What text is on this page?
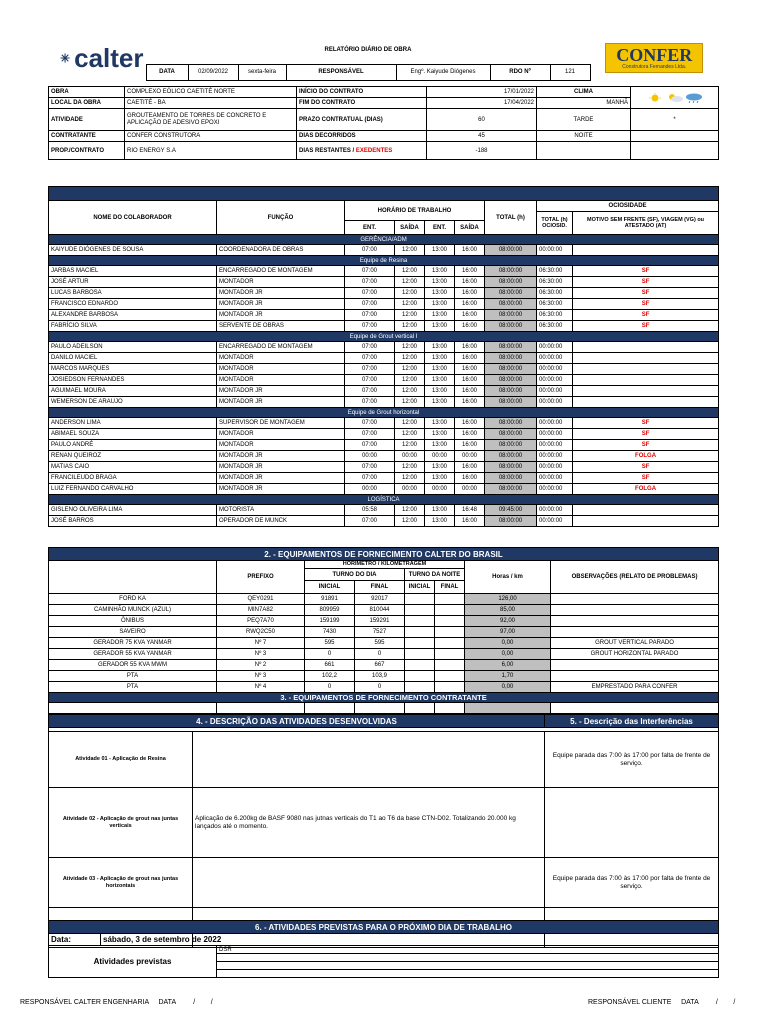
calter	RELATÓRIO DIÁRIO DE OBRA							CONFER
Construtora Fernandes Ltda.

	DATA	02/09/2022	sexta-feira	RESPONSÁVEL	Engº. Kaiyude Diógenes	RDO Nº	121	
OBRA	COMPLEXO EÓLICO CAETITÉ NORTE	INÍCIO DO CONTRATO	17/01/2022	CLIMA	
LOCAL DA OBRA	CAETITÉ - BA	FIM DO CONTRATO	17/04/2022	MANHÃ	
ATIVIDADE	GROUTEAMENTO DE TORRES DE CONCRETO E APLICAÇÃO DE ADESIVO EPOXI	PRAZO CONTRATUAL (DIAS)	60	TARDE	*
CONTRATANTE	CONFER CONSTRUTORA	DIAS DECORRIDOS	45	NOITE	
PROP./CONTRATO	RIO ENERGY S.A	DIAS RESTANTES / EXEDENTES	-188		

NOME DO COLABORADOR	FUNÇÃO	HORÁRIO DE TRABALHO				TOTAL (h)	OCIOSIDADE	
							TOTAL (h) OCIOSID.	MOTIVO SEM FRENTE (SF), VIAGEM (VG) ou ATESTADO (AT)
		ENT.	SAÍDA	ENT.	SAÍDA			
GERÊNCIA/ADM								
KAIYUDE DIÓGENES DE SOUSA	COORDENADORA DE OBRAS	07:00	12:00	13:00	16:00	08:00:00	00:00:00	
Equipe de Resina								
JARBAS MACIEL	ENCARREGADO DE MONTAGEM	07:00	12:00	13:00	16:00	08:00:00	06:30:00	SF
JOSÉ ARTUR	MONTADOR	07:00	12:00	13:00	16:00	08:00:00	06:30:00	SF
LUCAS BARBOSA	MONTADOR JR	07:00	12:00	13:00	16:00	08:00:00	06:30:00	SF
FRANCISCO EDNARDO	MONTADOR JR	07:00	12:00	13:00	16:00	08:00:00	06:30:00	SF
ALEXANDRE BARBOSA	MONTADOR JR	07:00	12:00	13:00	16:00	08:00:00	06:30:00	SF
FABRÍCIO SILVA	SERVENTE DE OBRAS	07:00	12:00	13:00	16:00	08:00:00	06:30:00	SF
Equipe de Grout vertical I								
PAULO ADEILSON	ENCARREGADO DE MONTAGEM	07:00	12:00	13:00	16:00	08:00:00	00:00:00	
DANILO MACIEL	MONTADOR	07:00	12:00	13:00	16:00	08:00:00	00:00:00	
MARCOS MARQUES	MONTADOR	07:00	12:00	13:00	16:00	08:00:00	00:00:00	
JOSIEDSON FERNANDES	MONTADOR	07:00	12:00	13:00	16:00	08:00:00	00:00:00	
AGUIMAEL MOURA	MONTADOR JR	07:00	12:00	13:00	16:00	08:00:00	00:00:00	
WEMERSON DE ARAUJO	MONTADOR JR	07:00	12:00	13:00	16:00	08:00:00	00:00:00	
Equipe de Grout horizontal								
ANDERSON LIMA	SUPERVISOR DE MONTAGEM	07:00	12:00	13:00	16:00	08:00:00	00:00:00	SF
ABIMAEL SOUZA	MONTADOR	07:00	12:00	13:00	16:00	08:00:00	00:00:00	SF
PAULO ANDRÉ	MONTADOR	07:00	12:00	13:00	16:00	08:00:00	00:00:00	SF
RENAN QUEIROZ	MONTADOR JR	00:00	00:00	00:00	00:00	08:00:00	00:00:00	FOLGA
MATIAS CAIO	MONTADOR JR	07:00	12:00	13:00	16:00	08:00:00	00:00:00	SF
FRANCILEUDO BRAGA	MONTADOR JR	07:00	12:00	13:00	16:00	08:00:00	00:00:00	SF
LUIZ FERNANDO CARVALHO	MONTADOR JR	00:00	00:00	00:00	00:00	08:00:00	00:00:00	FOLGA
LOGÍSTICA								
GISLENO OLIVEIRA LIMA	MOTORISTA	05:58	12:00	13:00	16:48	09:45:00	00:00:00	
JOSÉ BARROS	OPERADOR DE MUNCK	07:00	12:00	13:00	16:00	08:00:00	00:00:00	
2. - EQUIPAMENTOS DE FORNECIMENTO CALTER DO BRASIL							
	PREFIXO	HORÍMETRO / KILOMETRAGEM				Horas / km	OBSERVAÇÕES (RELATO DE PROBLEMAS)
		TURNO DO DIA		TURNO DA NOITE			
		INICIAL	FINAL	INICIAL	FINAL		
FORD KA	QEY0291	91891	92017			126,00	
CAMINHÃO MUNCK (AZUL)	MIN7A82	809959	810044			85,00	
ÔNIBUS	PEQ7A70	159199	159291			92,00	
SAVEIRO	RWQ2C50	7430	7527			97,00	
GERADOR 75 KVA YANMAR	Nº 7	595	595			0,00	GROUT VERTICAL PARADO
GERADOR 55 KVA YANMAR	Nº 3	0	0			0,00	GROUT HORIZONTAL PARADO
GERADOR 55 KVA MWM	Nº 2	661	667			6,00	
PTA	Nº 3	102,2	103,9			1,70	
PTA	Nº 4	0	0			0,00	EMPRESTADO PARA CONFER
3. - EQUIPAMENTOS DE FORNECIMENTO CONTRATANTE							

4. - DESCRIÇÃO DAS ATIVIDADES DESENVOLVIDAS		5. - Descrição das Interferências

Atividade 01 - Aplicação de Resina		Equipe parada das 7:00 às 17:00 por falta de frente de serviço.
Atividade 02 - Aplicação de grout nas juntas verticais	Aplicação de 6.200kg de BASF 9080 nas jutnas verticais do T1 ao T6 da base CTN-D02. Totalizando 20.000 kg lançados até o momento.	
Atividade 03 - Aplicação de grout nas juntas horizontais		Equipe parada das 7:00 às 17:00 por falta de frente de serviço.

6. - ATIVIDADES PREVISTAS PARA O PRÓXIMO DIA DE TRABALHO		
Data:	sábado, 3 de setembro de 2022	
Atividades previstas		DSR

RESPONSÁVEL CALTER ENGENHARIA     DATA         /        /	RESPONSÁVEL CLIENTE     DATA         /        /
